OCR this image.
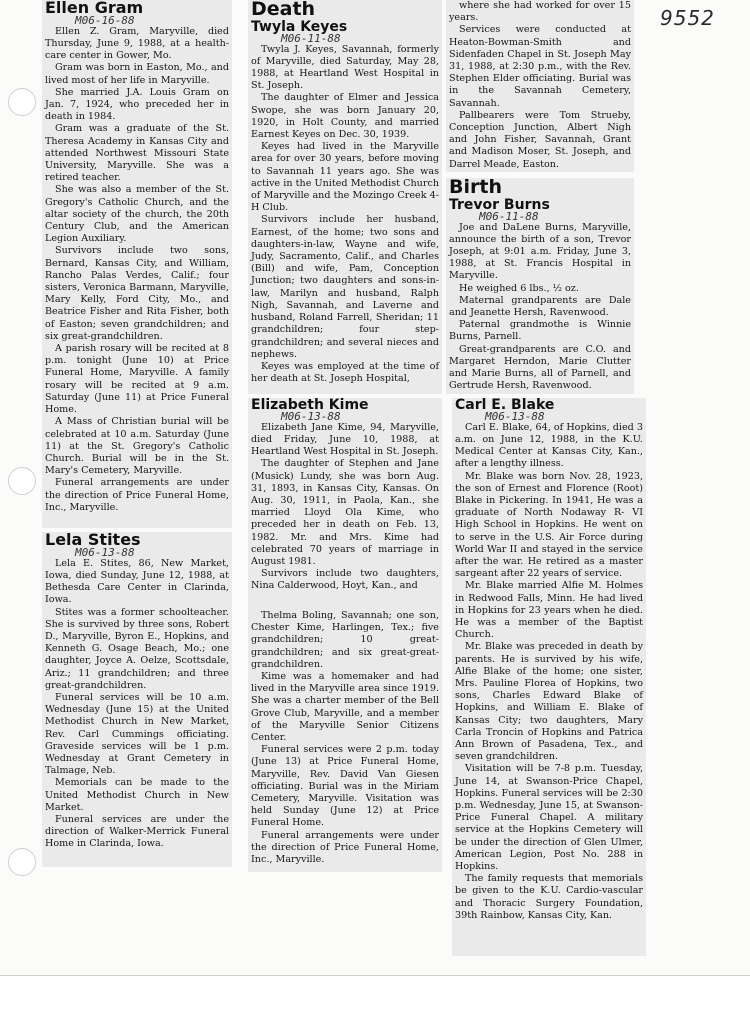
9552
Ellen Gram
M06-16-88

Ellen Z. Gram, Maryville, died Thursday, June 9, 1988, at a health-care center in Gower, Mo.

Gram was born in Easton, Mo., and lived most of her life in Maryville.

She married J.A. Louis Gram on Jan. 7, 1924, who preceded her in death in 1984.

Gram was a graduate of the St. Theresa Academy in Kansas City and attended Northwest Missouri State University, Maryville. She was a retired teacher.

She was also a member of the St. Gregory's Catholic Church, and the altar society of the church, the 20th Century Club, and the American Legion Auxiliary.

Survivors include two sons, Bernard, Kansas City, and William, Rancho Palas Verdes, Calif.; four sisters, Veronica Barmann, Maryville, Mary Kelly, Ford City, Mo., and Beatrice Fisher and Rita Fisher, both of Easton; seven grandchildren; and six great-grandchildren.

A parish rosary will be recited at 8 p.m. tonight (June 10) at Price Funeral Home, Maryville. A family rosary will be recited at 9 a.m. Saturday (June 11) at Price Funeral Home.

A Mass of Christian burial will be celebrated at 10 a.m. Saturday (June 11) at the St. Gregory's Catholic Church. Burial will be in the St. Mary's Cemetery, Maryville.

Funeral arrangements are under the direction of Price Funeral Home, Inc., Maryville.

Lela Stites
M06-13-88

Lela E. Stites, 86, New Market, Iowa, died Sunday, June 12, 1988, at Bethesda Care Center in Clarinda, Iowa.

Stites was a former schoolteacher. She is survived by three sons, Robert D., Maryville, Byron E., Hopkins, and Kenneth G. Osage Beach, Mo.; one daughter, Joyce A. Oelze, Scottsdale, Ariz.; 11 grandchildren; and three great-grandchildren.

Funeral services will be 10 a.m. Wednesday (June 15) at the United Methodist Church in New Market, Rev. Carl Cummings officiating. Graveside services will be 1 p.m. Wednesday at Grant Cemetery in Talmage, Neb.

Memorials can be made to the United Methodist Church in New Market.

Funeral services are under the direction of Walker-Merrick Funeral Home in Clarinda, Iowa.

Death
Twyla Keyes
M06-11-88

Twyla J. Keyes, Savannah, formerly of Maryville, died Saturday, May 28, 1988, at Heartland West Hospital in St. Joseph.

The daughter of Elmer and Jessica Swope, she was born January 20, 1920, in Holt County, and married Earnest Keyes on Dec. 30, 1939.

Keyes had lived in the Maryville area for over 30 years, before moving to Savannah 11 years ago. She was active in the United Methodist Church of Maryville and the Mozingo Creek 4-H Club.

Survivors include her husband, Earnest, of the home; two sons and daughters-in-law, Wayne and wife, Judy, Sacramento, Calif., and Charles (Bill) and wife, Pam, Conception Junction; two daughters and sons-in-law, Marilyn and husband, Ralph Nigh, Savannah, and Laverne and husband, Roland Farrell, Sheridan; 11 grandchildren; four step-grandchildren; and several nieces and nephews.

Keyes was employed at the time of her death at St. Joseph Hospital,

where she had worked for over 15 years.

Services were conducted at Heaton-Bowman-Smith and Sidenfaden Chapel in St. Joseph May 31, 1988, at 2:30 p.m., with the Rev. Stephen Elder officiating. Burial was in the Savannah Cemetery, Savannah.

Pallbearers were Tom Strueby, Conception Junction, Albert Nigh and John Fisher, Savannah, Grant and Madison Moser, St. Joseph, and Darrel Meade, Easton.

Birth
Trevor Burns
M06-11-88

Joe and DaLene Burns, Maryville, announce the birth of a son, Trevor Joseph, at 9:01 a.m. Friday, June 3, 1988, at St. Francis Hospital in Maryville.

He weighed 6 lbs., ½ oz.

Maternal grandparents are Dale and Jeanette Hersh, Ravenwood.

Paternal grandmothe is Winnie Burns, Parnell.

Great-grandparents are C.O. and Margaret Herndon, Marie Clutter and Marie Burns, all of Parnell, and Gertrude Hersh, Ravenwood.

Elizabeth Kime
M06-13-88

Elizabeth Jane Kime, 94, Maryville, died Friday, June 10, 1988, at Heartland West Hospital in St. Joseph.

The daughter of Stephen and Jane (Musick) Lundy, she was born Aug. 31, 1893, in Kansas City, Kansas. On Aug. 30, 1911, in Paola, Kan., she married Lloyd Ola Kime, who preceded her in death on Feb. 13, 1982. Mr. and Mrs. Kime had celebrated 70 years of marriage in August 1981.

Survivors include two daughters, Nina Calderwood, Hoyt, Kan., and

Thelma Boling, Savannah; one son, Chester Kime, Harlingen, Tex.; five grandchildren; 10 great-grandchildren; and six great-great-grandchildren.

Kime was a homemaker and had lived in the Maryville area since 1919. She was a charter member of the Bell Grove Club, Maryville, and a member of the Maryville Senior Citizens Center.

Funeral services were 2 p.m. today (June 13) at Price Funeral Home, Maryville, Rev. David Van Giesen officiating. Burial was in the Miriam Cemetery, Maryville. Visitation was held Sunday (June 12) at Price Funeral Home.

Funeral arrangements were under the direction of Price Funeral Home, Inc., Maryville.

Carl E. Blake
M06-13-88

Carl E. Blake, 64, of Hopkins, died 3 a.m. on June 12, 1988, in the K.U. Medical Center at Kansas City, Kan., after a lengthy illness.

Mr. Blake was born Nov. 28, 1923, the son of Ernest and Florence (Root) Blake in Pickering. In 1941, He was a graduate of North Nodaway R- VI High School in Hopkins. He went on to serve in the U.S. Air Force during World War II and stayed in the service after the war. He retired as a master sargeant after 22 years of service.

Mr. Blake married Alfie M. Holmes in Redwood Falls, Minn. He had lived in Hopkins for 23 years when he died. He was a member of the Baptist Church.

Mr. Blake was preceded in death by parents. He is survived by his wife, Alfie Blake of the home; one sister, Mrs. Pauline Florea of Hopkins, two sons, Charles Edward Blake of Hopkins, and William E. Blake of Kansas City; two daughters, Mary Carla Troncin of Hopkins and Patrica Ann Brown of Pasadena, Tex., and seven grandchildren.

Visitation will be 7-8 p.m. Tuesday, June 14, at Swanson-Price Chapel, Hopkins. Funeral services will be 2:30 p.m. Wednesday, June 15, at Swanson-Price Funeral Chapel. A military service at the Hopkins Cemetery will be under the direction of Glen Ulmer, American Legion, Post No. 288 in Hopkins.

The family requests that memorials be given to the K.U. Cardio-vascular and Thoracic Surgery Foundation, 39th Rainbow, Kansas City, Kan.
